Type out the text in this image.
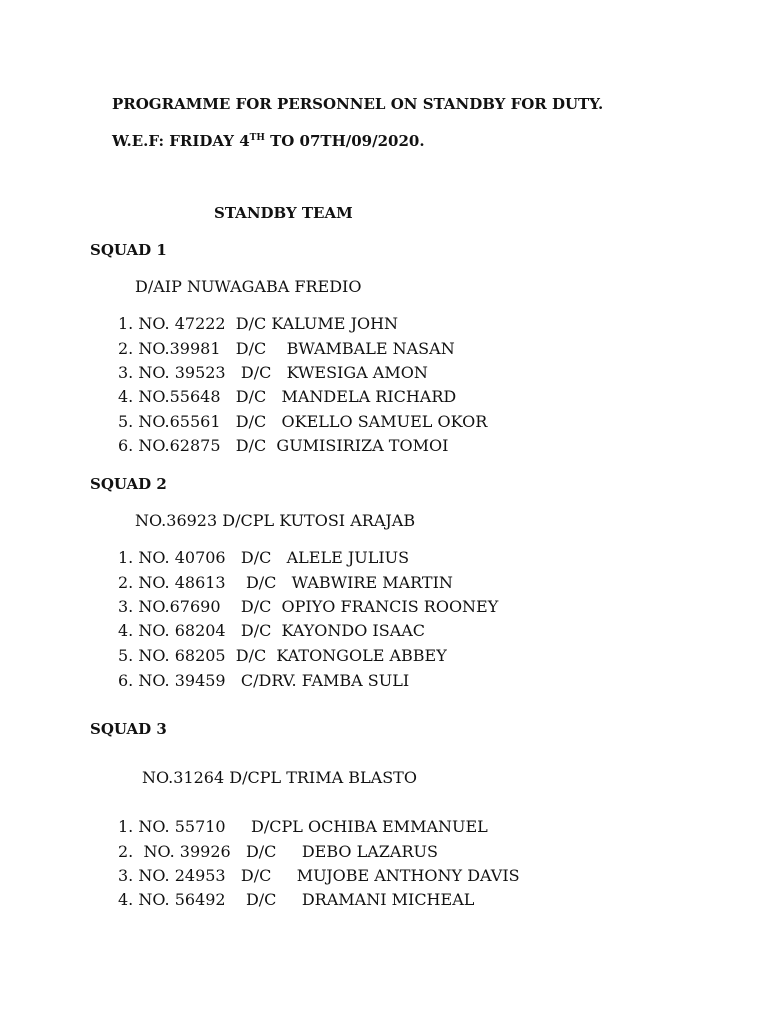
PROGRAMME FOR PERSONNEL ON STANDBY FOR DUTY.
W.E.F: FRIDAY 4TH TO 07TH/09/2020.
STANDBY TEAM
SQUAD 1
D/AIP NUWAGABA FREDIO
1. NO. 47222  D/C KALUME JOHN
2. NO.39981   D/C    BWAMBALE NASAN
3. NO. 39523   D/C   KWESIGA AMON
4. NO.55648   D/C   MANDELA RICHARD
5. NO.65561   D/C   OKELLO SAMUEL OKOR
6. NO.62875   D/C  GUMISIRIZA TOMOI
SQUAD 2
NO.36923 D/CPL KUTOSI ARAJAB
1. NO. 40706   D/C   ALELE JULIUS
2. NO. 48613    D/C   WABWIRE MARTIN
3. NO.67690    D/C  OPIYO FRANCIS ROONEY
4. NO. 68204   D/C  KAYONDO ISAAC
5. NO. 68205  D/C  KATONGOLE ABBEY
6. NO. 39459   C/DRV. FAMBA SULI
SQUAD 3
NO.31264 D/CPL TRIMA BLASTO
1. NO. 55710     D/CPL OCHIBA EMMANUEL
2.  NO. 39926   D/C     DEBO LAZARUS
3. NO. 24953   D/C     MUJOBE ANTHONY DAVIS
4. NO. 56492    D/C     DRAMANI MICHEAL
